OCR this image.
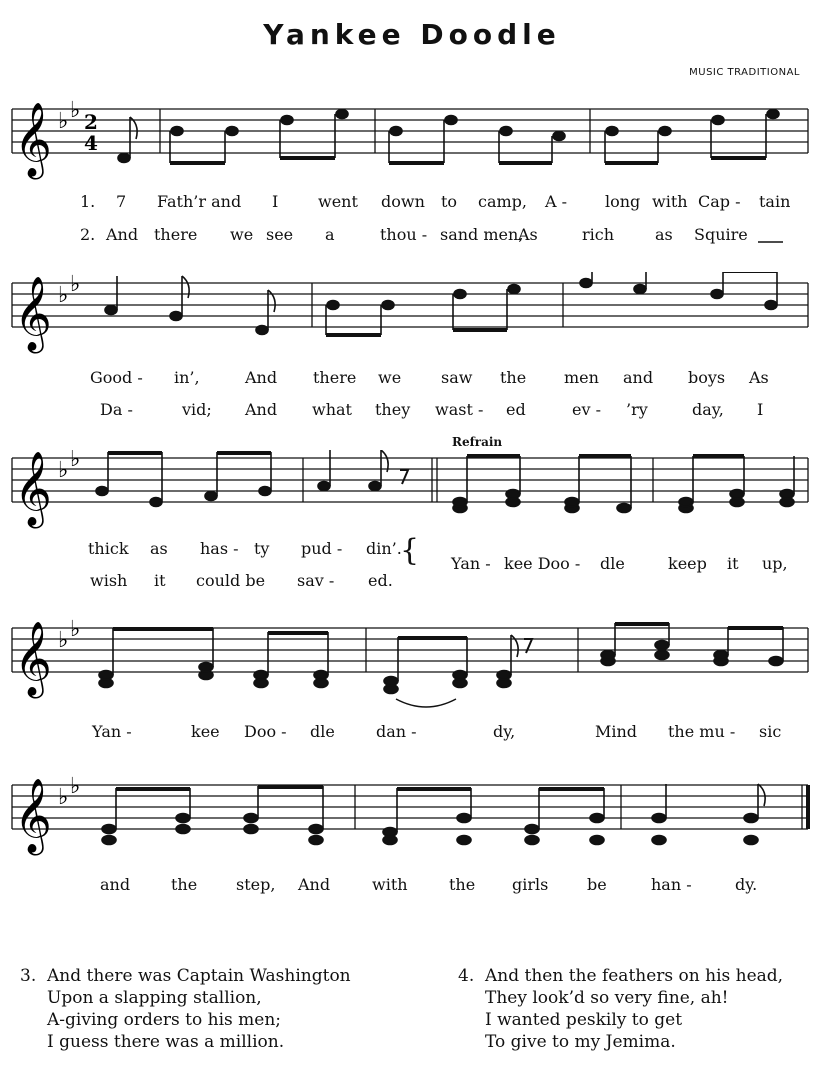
Yankee Doodle
MUSIC TRADITIONAL
𝄞 ♭ ♭ 2
4
1. 7 Fath’r and I went down to camp, A - long with Cap - tain
2. And there we see a	thou - sand men,
As	rich	as Squire
𝄞 ♭ ♭
Good - in’,	And there we saw the men and boys As
Da -	vid; And what they wast - ed	ev - ’ry	day, I
Refrain
𝄞 ♭ ♭
thick as has - ty pud - din’.
wish it could be sav - ed.
{ Yan - kee Doo - dle	keep it up,
𝄞 ♭ ♭
Yan -	kee Doo - dle	dan -	dy,	Mind the mu - sic
𝄞 ♭ ♭
and	the step, And	with	the girls be	han -	dy.
3. And there was Captain Washington
Upon a slapping stallion,
A-giving orders to his men;
I guess there was a million.
4. And then the feathers on his head,
They look’d so very fine, ah!
I wanted peskily to get
To give to my Jemima.
